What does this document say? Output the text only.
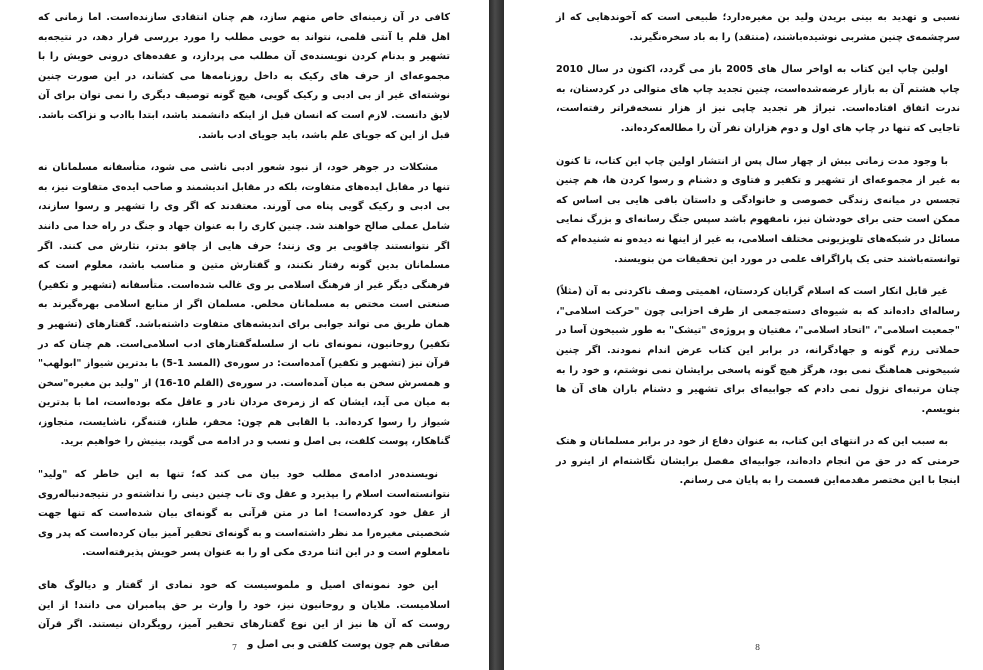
کافی در آن زمینه‌ای خاص متهم سازد، هم چنان انتقادی سازنده‌است. اما زمانی که اهل قلم یا آنتی قلمی، نتواند به خوبی مطلب را مورد بررسی قرار دهد، در نتیجه‌به تشهیر و بدنام کردن نویسنده‌ی آن مطلب می پردازد، و عقده‌های درونی خویش را با مجموعه‌ای از حرف های رکیک به داخل روزنامه‌ها می کشاند، در این صورت چنین نوشته‌ای غیر از بی ادبی و رکیک گویی، هیچ گونه توصیف دیگری را نمی توان برای آن لایق دانست. لازم است که انسان قبل از اینکه دانشمند باشد، ابتدا باادب و نزاکت باشد. قبل از این که جویای علم باشد، باید جویای ادب باشد.

مشکلات در جوهر خود، از نبود شعور ادبی ناشی می شود، متأسفانه مسلمانان نه تنها در مقابل ایده‌های متفاوت، بلکه در مقابل اندیشمند و صاحب ایده‌ی متفاوت نیز، به بی ادبی و رکیک گویی پناه می آورند. معتقدند که اگر وی را تشهیر و رسوا سازند، شامل عملی صالح خواهند شد. چنین کاری را به عنوان جهاد و جنگ در راه خدا می دانند اگر نتوانستند چاقویی بر وی زنند؛ حرف هایی از چاقو بدتر، نثارش می کنند. اگر مسلمانان بدین گونه رفتار نکنند، و گفتارش متین و مناسب باشد، معلوم است که فرهنگی دیگر غیر از فرهنگ اسلامی بر وی غالب شده‌است. متأسفانه (تشهیر و تکفیر) صنعتی است مختص به مسلمانان مخلص. مسلمان اگر از منابع اسلامی بهره‌گیرند به همان طریق می تواند جوابی برای اندیشه‌های متفاوت داشته‌باشد. گفتارهای (تشهیر و تکفیر) روحانیون، نمونه‌ای ناب از سلسله‌گفتارهای ادب اسلامی‌است. هم چنان که در قرآن نیز (تشهیر و تکفیر) آمده‌است: در سوره‌ی (المسد 1-5) با بدترین شیواز "ابولهب" و همسرش سخن به میان آمده‌است. در سوره‌ی (القلم 10-16) از "ولید بن مغیره"سخن به میان می آید، ایشان که از زمره‌ی مردان نادر و عاقل مکه بوده‌است، اما با بدترین شیواز را رسوا کرده‌اند. با القابی هم چون: محقر، طناز، فتنه‌گر، ناشایست، متجاوز، گناهکار، پوست کلفت، بی اصل و نسب و در ادامه می گوید، بینیش را خواهیم برید.

نویسنده‌در ادامه‌ی مطلب خود بیان می کند که؛ تنها به این خاطر که "ولید" نتوانسته‌است اسلام را بپذیرد و عقل وی تاب چنین دینی را نداشته‌و در نتیجه‌دنباله‌روی از عقل خود کرده‌است! اما در متن قرآنی به گونه‌ای بیان شده‌است که تنها جهت شخصیتی مغیره‌را مد نظر داشته‌است و به گونه‌ای تحقیر آمیز بیان کرده‌است که پدر وی نامعلوم است و در این اثنا مردی مکی او را به عنوان پسر خویش پذیرفته‌است.

این خود نمونه‌ای اصیل و ملموسیست که خود نمادی از گفتار و دیالوگ های اسلامیست. ملایان و روحانیون نیز، خود را وارث بر حق پیامبران می دانند! از این روست که آن ها نیز از این نوع گفتارهای تحقیر آمیز، رویگردان نیستند. اگر قرآن صفاتی هم چون پوست کلفتی و بی اصل و

7

نسبی و تهدید به بینی بریدن ولید بن مغیره‌دارد؛ طبیعی است که آخوندهایی که از سرچشمه‌ی چنین مشربی نوشیده‌باشند، (منتقد) را به باد سخره‌نگیرند.

اولین چاپ این کتاب به اواخر سال های 2005 باز می گردد، اکنون در سال 2010 چاپ هشتم آن به بازار عرضه‌شده‌است، چنین تجدید چاپ های متوالی در کردستان، به ندرت اتفاق افتاده‌است. تیراژ هر تجدید چاپی نیز از هزار نسخه‌فراتر رفته‌است، تاجایی که تنها در چاپ های اول و دوم هزاران نفر آن را مطالعه‌کرده‌اند.

با وجود مدت زمانی بیش از چهار سال پس از انتشار اولین چاپ این کتاب، تا کنون به غیر از مجموعه‌ای از تشهیر و تکفیر و فتاوی و دشنام و رسوا کردن ها، هم چنین تجسس در میانه‌ی زندگی خصوصی و خانوادگی و داستان بافی هایی بی اساس که ممکن است حتی برای خودشان نیز، نامفهوم باشد سپس جنگ رسانه‌ای و بزرگ نمایی مسائل در شبکه‌های تلویزیونی مختلف اسلامی، به غیر از اینها نه دیده‌و نه شنیده‌ام که توانسته‌باشند حتی یک پاراگراف علمی در مورد این تحقیقات من بنویسند.

غیر قابل انکار است که اسلام گرایان کردستان، اهمیتی وصف ناکردنی به آن (مثلاً) رساله‌ای داده‌اند که به شیوه‌ای دسته‌جمعی از طرف احزابی چون "حرکت اسلامی"، "جمعیت اسلامی"، "اتحاد اسلامی"، مفتیان و پروژه‌ی "تیشک" به طور شبیخون آسا در حملاتی رزم گونه و جهادگرانه، در برابر این کتاب عرض اندام نمودند. اگر چنین شبیخونی هماهنگ نمی بود، هرگز هیچ گونه پاسخی برایشان نمی نوشتم، و خود را به چنان مرتبه‌ای نزول نمی دادم که جوابیه‌ای برای تشهیر و دشنام باران های آن ها بنویسم.

به سبب این که در انتهای این کتاب، به عنوان دفاع از خود در برابر مسلمانان و هتک حرمتی که در حق من انجام داده‌اند، جوابیه‌ای مفصل برایشان نگاشته‌ام از اینرو در اینجا با این مختصر مقدمه‌این قسمت را به پایان می رسانم.

8
